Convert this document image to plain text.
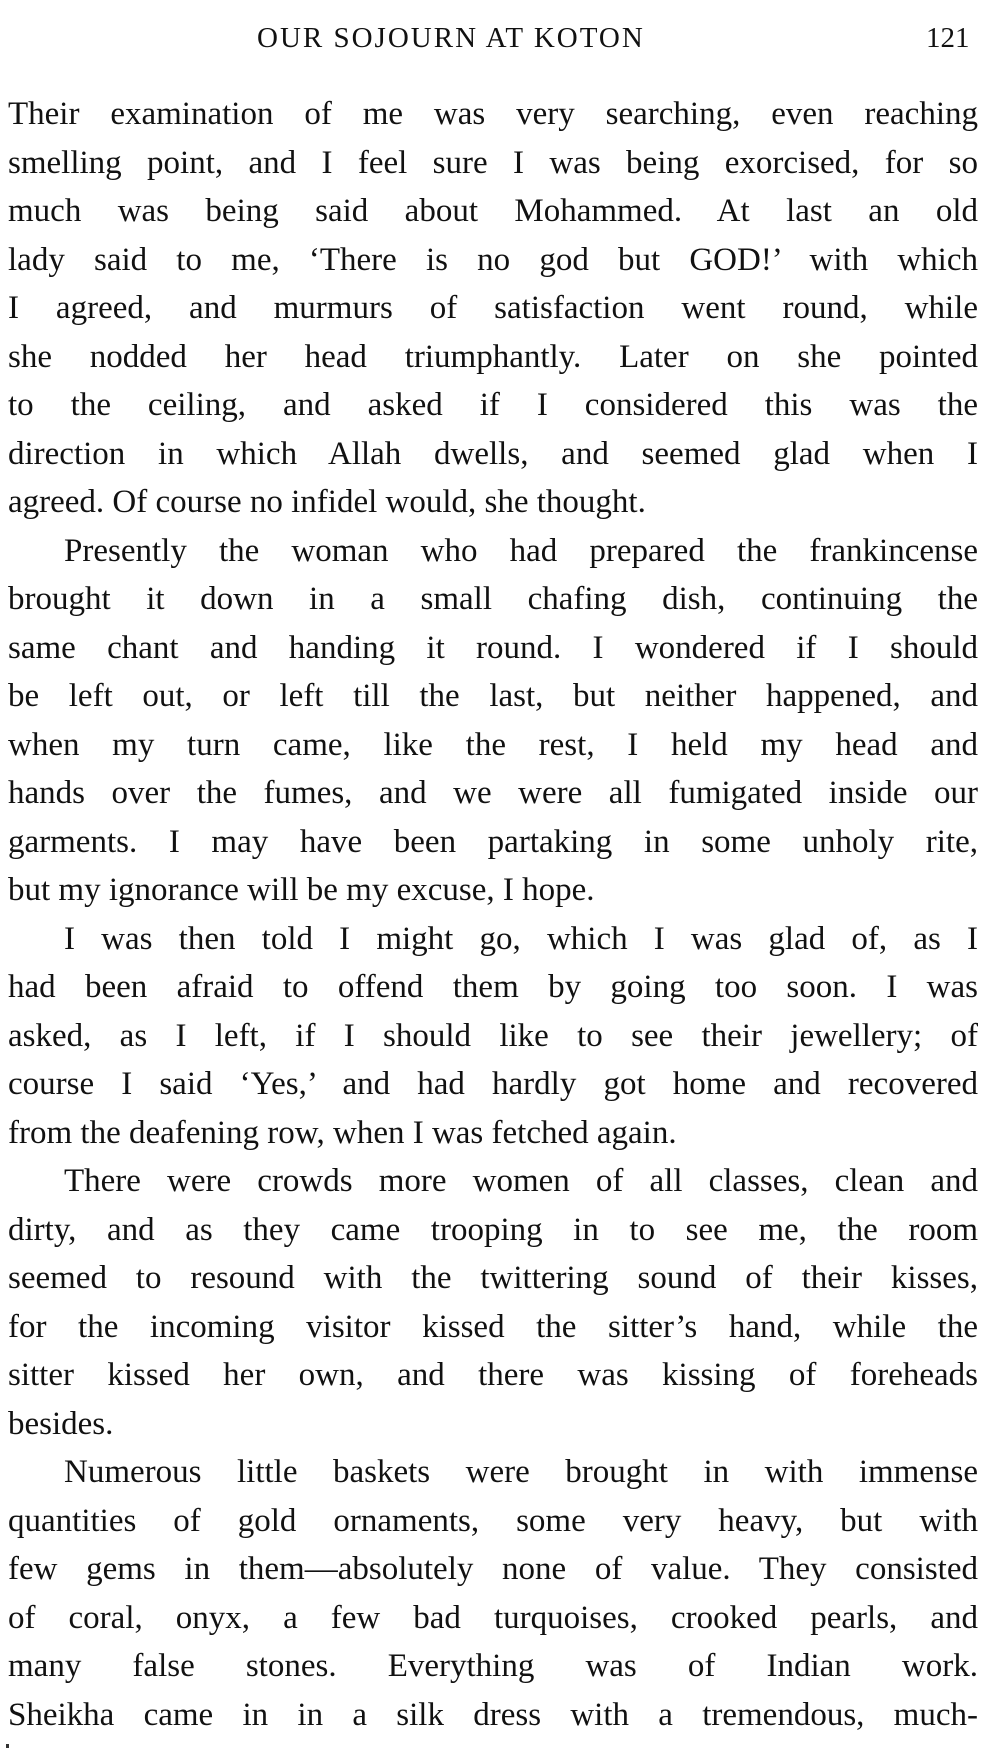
OUR SOJOURN AT KOTON	121
Their examination of me was very searching, even reaching
smelling point, and I feel sure I was being exorcised, for so
much was being said about Mohammed. At last an old
lady said to me, ‘There is no god but GOD!’ with which
I agreed, and murmurs of satisfaction went round, while
she nodded her head triumphantly. Later on she pointed
to the ceiling, and asked if I considered this was the
direction in which Allah dwells, and seemed glad when I
agreed. Of course no infidel would, she thought.
Presently the woman who had prepared the frankincense
brought it down in a small chafing dish, continuing the
same chant and handing it round. I wondered if I should
be left out, or left till the last, but neither happened, and
when my turn came, like the rest, I held my head and
hands over the fumes, and we were all fumigated inside our
garments. I may have been partaking in some unholy rite,
but my ignorance will be my excuse, I hope.
I was then told I might go, which I was glad of, as I
had been afraid to offend them by going too soon. I was
asked, as I left, if I should like to see their jewellery; of
course I said ‘Yes,’ and had hardly got home and recovered
from the deafening row, when I was fetched again.
There were crowds more women of all classes, clean and
dirty, and as they came trooping in to see me, the room
seemed to resound with the twittering sound of their kisses,
for the incoming visitor kissed the sitter’s hand, while the
sitter kissed her own, and there was kissing of foreheads
besides.
Numerous little baskets were brought in with immense
quantities of gold ornaments, some very heavy, but with
few gems in them—absolutely none of value. They consisted
of coral, onyx, a few bad turquoises, crooked pearls, and
many false stones. Everything was of Indian work.
Sheikha came in in a silk dress with a tremendous, much-
